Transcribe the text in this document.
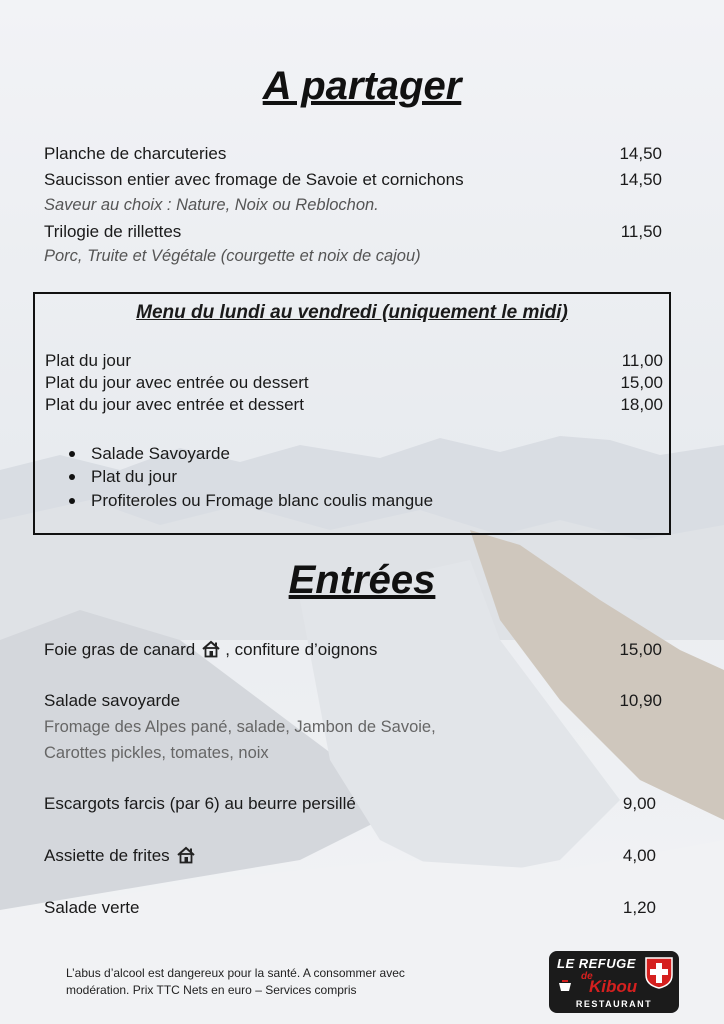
A partager
Planche de charcuteries	14,50
Saucisson entier avec fromage de Savoie et cornichons	14,50
Saveur au choix : Nature, Noix ou Reblochon.
Trilogie de rillettes	11,50
Porc, Truite et Végétale (courgette et noix de cajou)
Menu du lundi au vendredi (uniquement le midi)
Plat du jour	11,00
Plat du jour avec entrée ou dessert	15,00
Plat du jour avec entrée et dessert	18,00
Salade Savoyarde
Plat du jour
Profiteroles ou Fromage blanc coulis mangue
Entrées
Foie gras de canard , confiture d’oignons	15,00
Salade savoyarde	10,90
Fromage des Alpes pané, salade, Jambon de Savoie,
Carottes pickles, tomates, noix
Escargots farcis (par 6) au beurre persillé	9,00
Assiette de frites	4,00
Salade verte	1,20
L’abus d’alcool est dangereux pour la santé. A consommer avec
modération. Prix TTC Nets en euro – Services compris
LE REFUGE
de
Kibou
RESTAURANT
